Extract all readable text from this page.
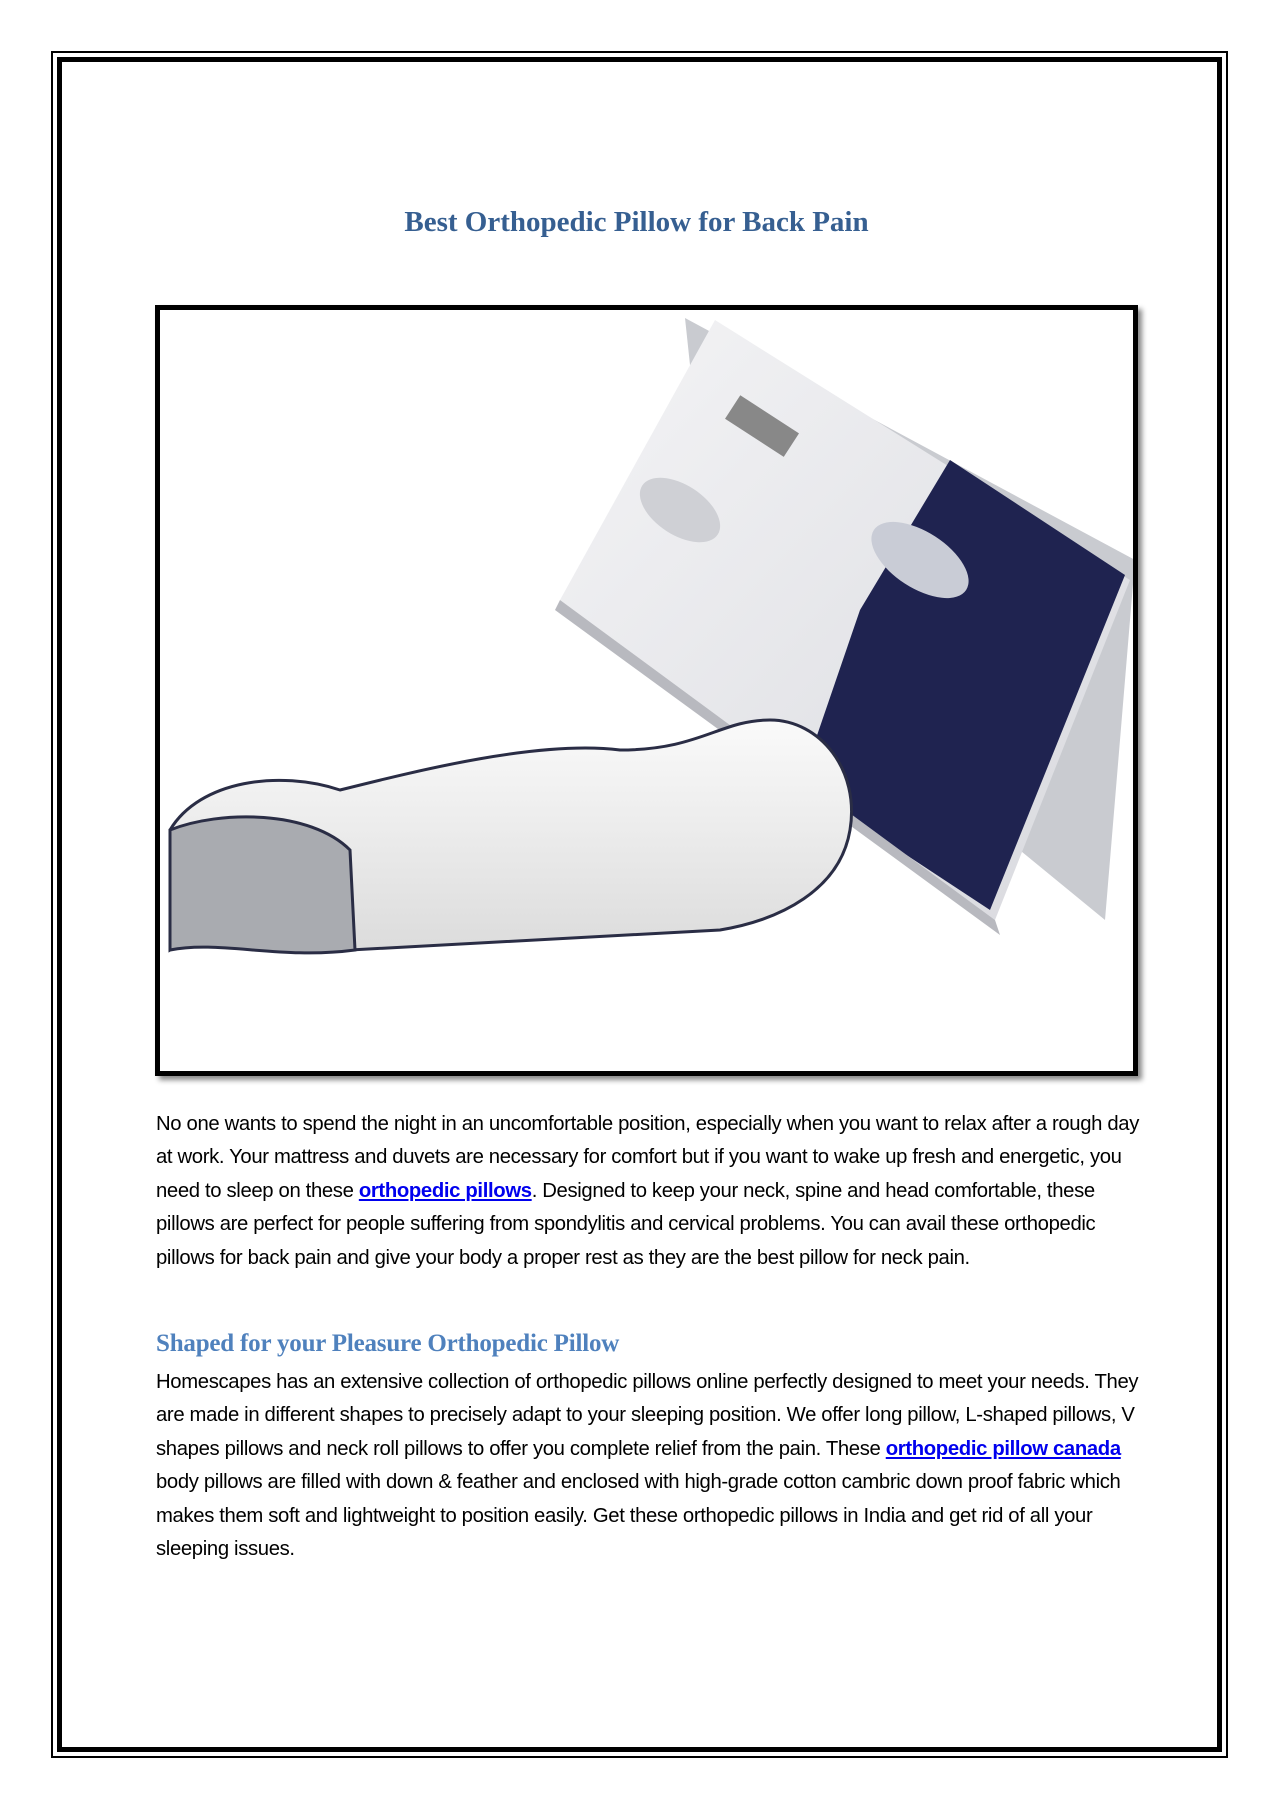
Best Orthopedic Pillow for Back Pain

No one wants to spend the night in an uncomfortable position, especially when you want to relax after a rough day at work. Your mattress and duvets are necessary for comfort but if you want to wake up fresh and energetic, you need to sleep on these orthopedic pillows. Designed to keep your neck, spine and head comfortable, these pillows are perfect for people suffering from spondylitis and cervical problems. You can avail these orthopedic pillows for back pain and give your body a proper rest as they are the best pillow for neck pain.

Shaped for your Pleasure Orthopedic Pillow

Homescapes has an extensive collection of orthopedic pillows online perfectly designed to meet your needs. They are made in different shapes to precisely adapt to your sleeping position. We offer long pillow, L-shaped pillows, V shapes pillows and neck roll pillows to offer you complete relief from the pain. These orthopedic pillow canada body pillows are filled with down & feather and enclosed with high-grade cotton cambric down proof fabric which makes them soft and lightweight to position easily. Get these orthopedic pillows in India and get rid of all your sleeping issues.
